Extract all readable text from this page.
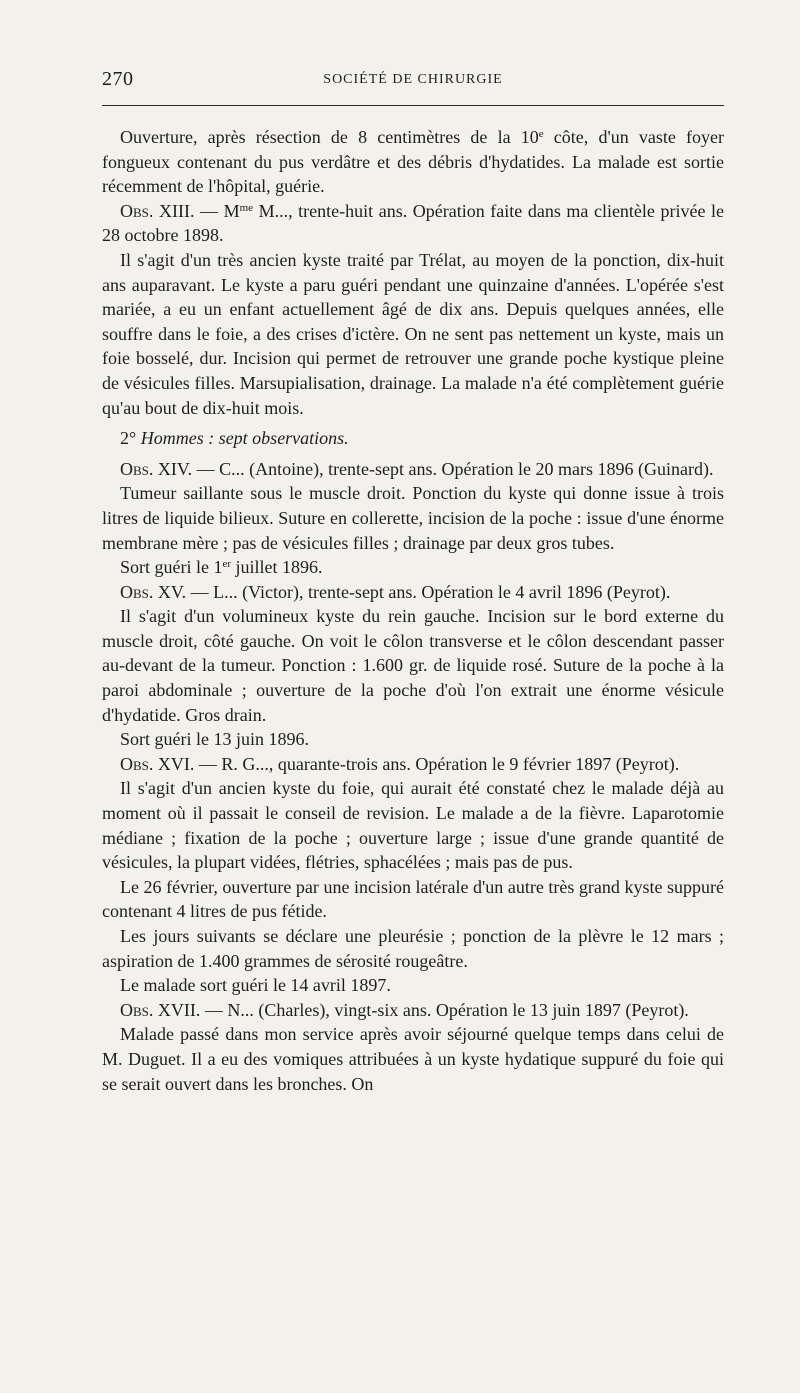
270	SOCIÉTÉ DE CHIRURGIE

Ouverture, après résection de 8 centimètres de la 10e côte, d'un vaste foyer fongueux contenant du pus verdâtre et des débris d'hydatides. La malade est sortie récemment de l'hôpital, guérie.

Obs. XIII. — $M^{me}$ M..., trente-huit ans. Opération faite dans ma clientèle privée le 28 octobre 1898.

Il s'agit d'un très ancien kyste traité par Trélat, au moyen de la ponction, dix-huit ans auparavant. Le kyste a paru guéri pendant une quinzaine d'années. L'opérée s'est mariée, a eu un enfant actuellement âgé de dix ans. Depuis quelques années, elle souffre dans le foie, a des crises d'ictère. On ne sent pas nettement un kyste, mais un foie bosselé, dur. Incision qui permet de retrouver une grande poche kystique pleine de vésicules filles. Marsupialisation, drainage. La malade n'a été complètement guérie qu'au bout de dix-huit mois.

2° Hommes : sept observations.

Obs. XIV. — C... (Antoine), trente-sept ans. Opération le 20 mars 1896 (Guinard).

Tumeur saillante sous le muscle droit. Ponction du kyste qui donne issue à trois litres de liquide bilieux. Suture en collerette, incision de la poche : issue d'une énorme membrane mère ; pas de vésicules filles ; drainage par deux gros tubes.

Sort guéri le 1er juillet 1896.

Obs. XV. — L... (Victor), trente-sept ans. Opération le 4 avril 1896 (Peyrot).

Il s'agit d'un volumineux kyste du rein gauche. Incision sur le bord externe du muscle droit, côté gauche. On voit le côlon transverse et le côlon descendant passer au-devant de la tumeur. Ponction : 1.600 gr. de liquide rosé. Suture de la poche à la paroi abdominale ; ouverture de la poche d'où l'on extrait une énorme vésicule d'hydatide. Gros drain.

Sort guéri le 13 juin 1896.

Obs. XVI. — R. G..., quarante-trois ans. Opération le 9 février 1897 (Peyrot).

Il s'agit d'un ancien kyste du foie, qui aurait été constaté chez le malade déjà au moment où il passait le conseil de revision. Le malade a de la fièvre. Laparotomie médiane ; fixation de la poche ; ouverture large ; issue d'une grande quantité de vésicules, la plupart vidées, flétries, sphacélées ; mais pas de pus.

Le 26 février, ouverture par une incision latérale d'un autre très grand kyste suppuré contenant 4 litres de pus fétide.

Les jours suivants se déclare une pleurésie ; ponction de la plèvre le 12 mars ; aspiration de 1.400 grammes de sérosité rougeâtre.

Le malade sort guéri le 14 avril 1897.

Obs. XVII. — N... (Charles), vingt-six ans. Opération le 13 juin 1897 (Peyrot).

Malade passé dans mon service après avoir séjourné quelque temps dans celui de M. Duguet. Il a eu des vomiques attribuées à un kyste hydatique suppuré du foie qui se serait ouvert dans les bronches. On
